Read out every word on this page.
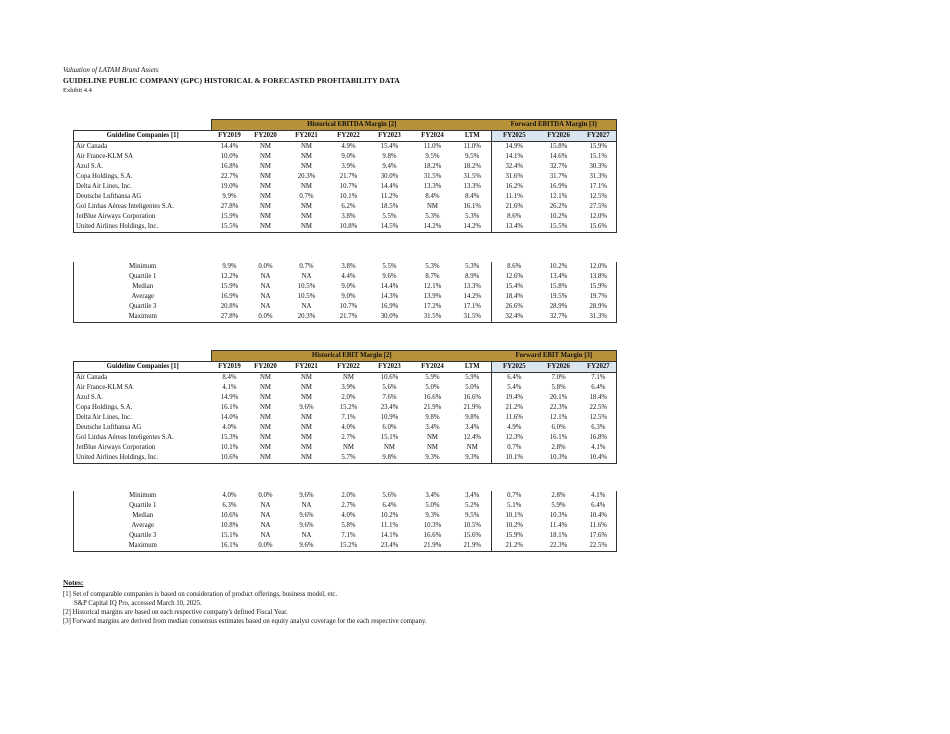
Valuation of LATAM Brand Assets
GUIDELINE PUBLIC COMPANY (GPC) HISTORICAL & FORECASTED PROFITABILITY DATA
Exhibit 4.4
	Historical EBITDA Margin [2]							Forward EBITDA Margin [3]		
Guideline Companies [1]	FY2019	FY2020	FY2021	FY2022	FY2023	FY2024	LTM	FY2025	FY2026	FY2027
Air Canada	14.4%	NM	NM	4.9%	15.4%	11.0%	11.0%	14.9%	15.8%	15.9%
Air France-KLM SA	10.0%	NM	NM	9.0%	9.8%	9.5%	9.5%	14.1%	14.6%	15.1%
Azul S.A.	16.8%	NM	NM	3.9%	9.4%	18.2%	18.2%	32.4%	32.7%	30.3%
Copa Holdings, S.A.	22.7%	NM	20.3%	21.7%	30.0%	31.5%	31.5%	31.6%	31.7%	31.3%
Delta Air Lines, Inc.	19.0%	NM	NM	10.7%	14.4%	13.3%	13.3%	16.2%	16.9%	17.1%
Deutsche Lufthansa AG	9.9%	NM	0.7%	10.1%	11.2%	8.4%	8.4%	11.1%	12.1%	12.5%
Gol Linhas Aéreas Inteligentes S.A.	27.8%	NM	NM	6.2%	18.5%	NM	16.1%	21.6%	26.2%	27.5%
JetBlue Airways Corporation	15.9%	NM	NM	3.8%	5.5%	5.3%	5.3%	8.6%	10.2%	12.0%
United Airlines Holdings, Inc.	15.5%	NM	NM	10.8%	14.5%	14.2%	14.2%	13.4%	15.5%	15.6%
Minimum	9.9%	0.0%	0.7%	3.8%	5.5%	5.3%	5.3%	8.6%	10.2%	12.0%
Quartile 1	12.2%	NA	NA	4.4%	9.6%	8.7%	8.9%	12.6%	13.4%	13.8%
Median	15.9%	NA	10.5%	9.0%	14.4%	12.1%	13.3%	15.4%	15.8%	15.9%
Average	16.9%	NA	10.5%	9.0%	14.3%	13.9%	14.2%	18.4%	19.5%	19.7%
Quartile 3	20.8%	NA	NA	10.7%	16.9%	17.2%	17.1%	26.6%	28.9%	28.9%
Maximum	27.8%	0.0%	20.3%	21.7%	30.0%	31.5%	31.5%	32.4%	32.7%	31.3%
	Historical EBIT Margin [2]							Forward EBIT Margin [3]		
Guideline Companies [1]	FY2019	FY2020	FY2021	FY2022	FY2023	FY2024	LTM	FY2025	FY2026	FY2027
Air Canada	8.4%	NM	NM	NM	10.6%	5.9%	5.9%	6.4%	7.0%	7.1%
Air France-KLM SA	4.1%	NM	NM	3.9%	5.6%	5.0%	5.0%	5.4%	5.8%	6.4%
Azul S.A.	14.9%	NM	NM	2.0%	7.6%	16.6%	16.6%	19.4%	20.1%	18.4%
Copa Holdings, S.A.	16.1%	NM	9.6%	15.2%	23.4%	21.9%	21.9%	21.2%	22.3%	22.5%
Delta Air Lines, Inc.	14.0%	NM	NM	7.1%	10.9%	9.8%	9.8%	11.6%	12.1%	12.5%
Deutsche Lufthansa AG	4.0%	NM	NM	4.0%	6.0%	3.4%	3.4%	4.9%	6.0%	6.3%
Gol Linhas Aéreas Inteligentes S.A.	15.3%	NM	NM	2.7%	15.1%	NM	12.4%	12.3%	16.1%	16.8%
JetBlue Airways Corporation	10.1%	NM	NM	NM	NM	NM	NM	0.7%	2.8%	4.1%
United Airlines Holdings, Inc.	10.6%	NM	NM	5.7%	9.8%	9.3%	9.3%	10.1%	10.3%	10.4%
Minimum	4.0%	0.0%	9.6%	2.0%	5.6%	3.4%	3.4%	0.7%	2.8%	4.1%
Quartile 1	6.3%	NA	NA	2.7%	6.4%	5.0%	5.2%	5.1%	5.9%	6.4%
Median	10.6%	NA	9.6%	4.0%	10.2%	9.3%	9.5%	10.1%	10.3%	10.4%
Average	10.8%	NA	9.6%	5.8%	11.1%	10.3%	10.5%	10.2%	11.4%	11.6%
Quartile 3	15.1%	NA	NA	7.1%	14.1%	16.6%	15.6%	15.9%	18.1%	17.6%
Maximum	16.1%	0.0%	9.6%	15.2%	23.4%	21.9%	21.9%	21.2%	22.3%	22.5%
Notes:
[1] Set of comparable companies is based on consideration of product offerings, business model, etc.
S&P Capital IQ Pro, accessed March 10, 2025.
[2] Historical margins are based on each respective company's defined Fiscal Year.
[3] Forward margins are derived from median consensus estimates based on equity analyst coverage for the each respective company.
